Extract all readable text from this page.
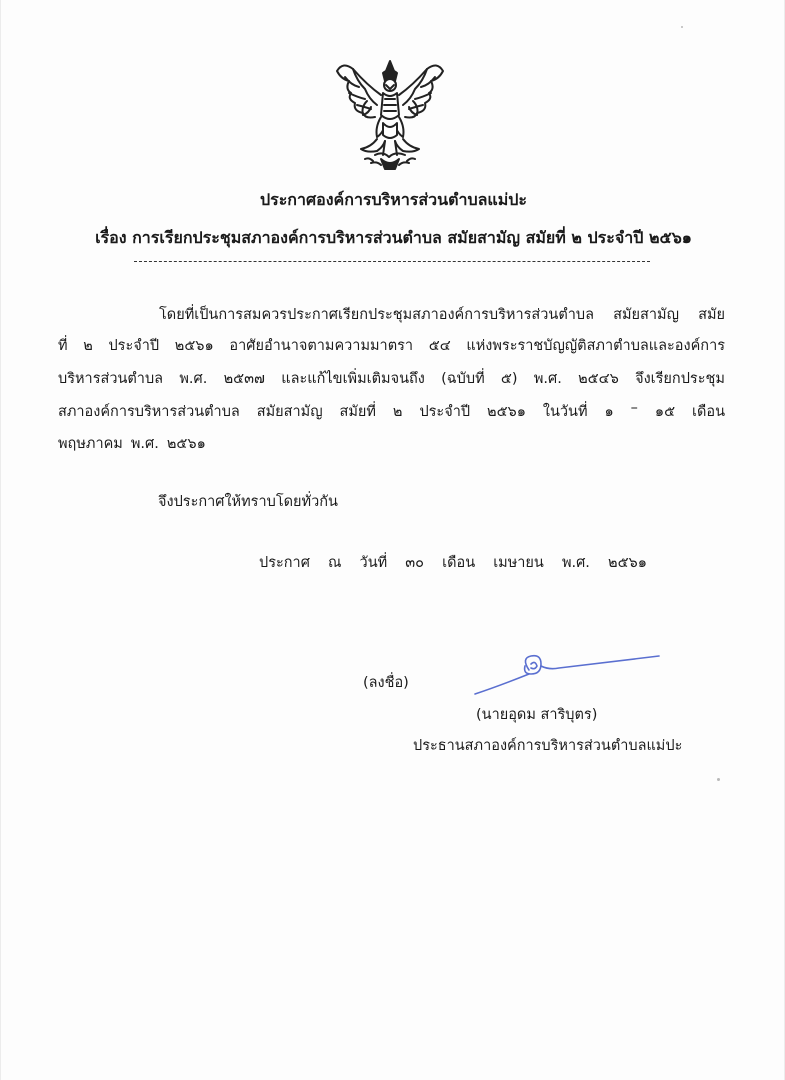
ประกาศองค์การบริหารส่วนตำบลแม่ปะ
เรื่อง การเรียกประชุมสภาองค์การบริหารส่วนตำบล สมัยสามัญ สมัยที่ ๒ ประจำปี ๒๕๖๑
โดยที่เป็นการสมควรประกาศเรียกประชุมสภาองค์การบริหารส่วนตำบล สมัยสามัญ สมัย
ที่ ๒ ประจำปี ๒๕๖๑ อาศัยอำนาจตามความมาตรา ๕๔ แห่งพระราชบัญญัติสภาตำบลและองค์การ
บริหารส่วนตำบล พ.ศ. ๒๕๓๗ และแก้ไขเพิ่มเติมจนถึง (ฉบับที่ ๕) พ.ศ. ๒๕๔๖ จึงเรียกประชุม
สภาองค์การบริหารส่วนตำบล สมัยสามัญ สมัยที่ ๒ ประจำปี ๒๕๖๑ ในวันที่ ๑ – ๑๕ เดือน
พฤษภาคม พ.ศ. ๒๕๖๑
จึงประกาศให้ทราบโดยทั่วกัน
ประกาศ ณ วันที่ ๓๐ เดือน เมษายน พ.ศ. ๒๕๖๑
(ลงชื่อ)
(นายอุดม สาริบุตร)
ประธานสภาองค์การบริหารส่วนตำบลแม่ปะ
